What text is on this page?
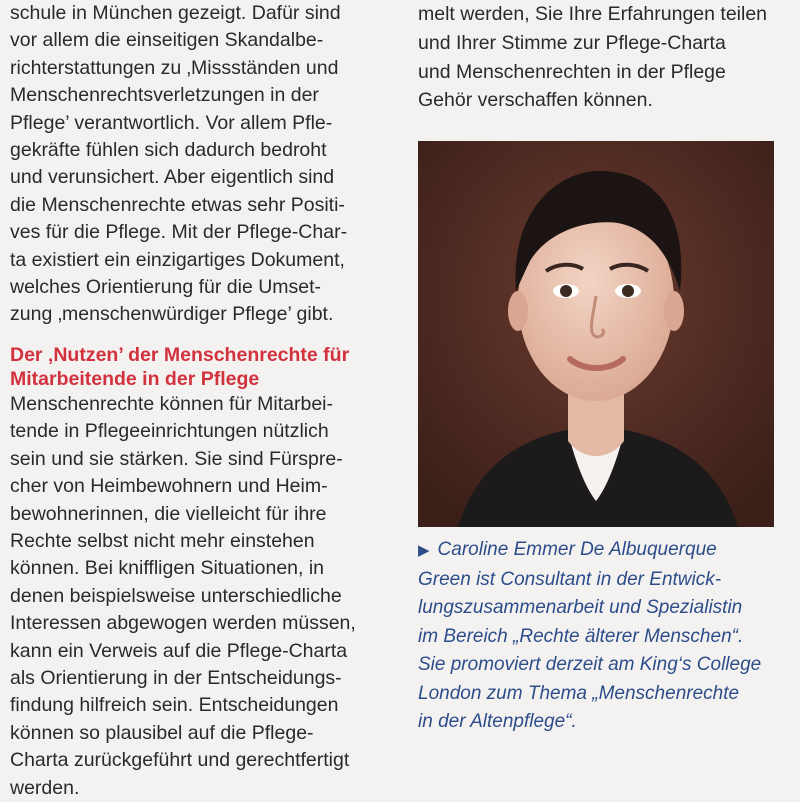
schule in München gezeigt. Dafür sind
vor allem die einseitigen Skandalbe-
richterstattungen zu ‚Missständen und
Menschenrechtsverletzungen in der
Pflege’ verantwortlich. Vor allem Pfle-
gekräfte fühlen sich dadurch bedroht
und verunsichert. Aber eigentlich sind
die Menschenrechte etwas sehr Positi-
ves für die Pflege. Mit der Pflege-Char-
ta existiert ein einzigartiges Dokument,
welches Orientierung für die Umset-
zung ‚menschenwürdiger Pflege’ gibt.

Der ‚Nutzen’ der Menschenrechte für
Mitarbeitende in der Pflege

Menschenrechte können für Mitarbei-
tende in Pflegeeinrichtungen nützlich
sein und sie stärken. Sie sind Fürspre-
cher von Heimbewohnern und Heim-
bewohnerinnen, die vielleicht für ihre
Rechte selbst nicht mehr einstehen
können. Bei kniffligen Situationen, in
denen beispielsweise unterschiedliche
Interessen abgewogen werden müssen,
kann ein Verweis auf die Pflege-Charta
als Orientierung in der Entscheidungs-
findung hilfreich sein. Entscheidungen
können so plausibel auf die Pflege-
Charta zurückgeführt und gerechtfertigt
werden.

melt werden, Sie Ihre Erfahrungen teilen
und Ihrer Stimme zur Pflege-Charta
und Menschenrechten in der Pflege
Gehör verschaffen können.
▶ Caroline Emmer De Albuquerque
Green ist Consultant in der Entwick-
lungszusammenarbeit und Spezialistin
im Bereich „Rechte älterer Menschen“.
Sie promoviert derzeit am King‘s College
London zum Thema „Menschenrechte
in der Altenpflege“.
